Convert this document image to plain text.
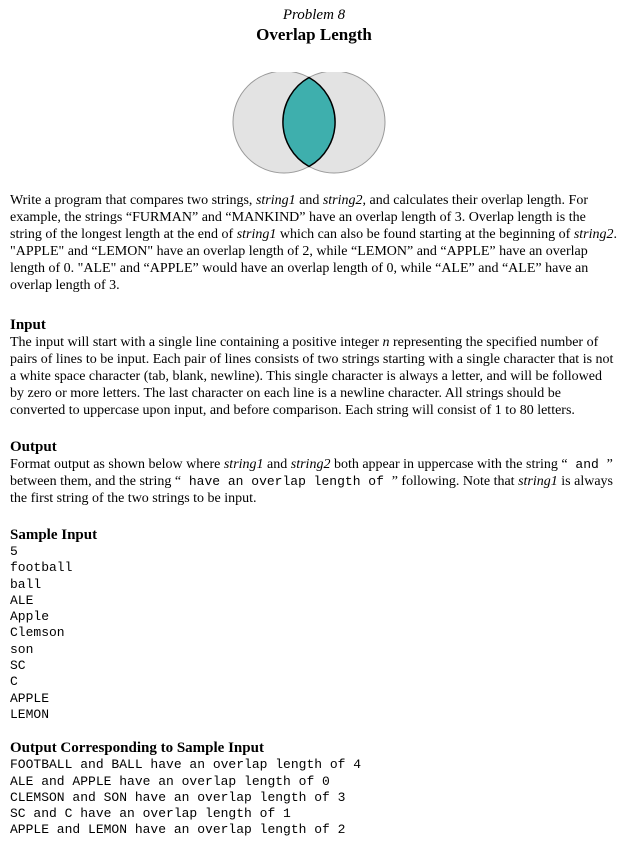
Problem 8
Overlap Length

Write a program that compares two strings, string1 and string2, and calculates their overlap length. For example, the strings “FURMAN” and “MANKIND” have an overlap length of 3. Overlap length is the string of the longest length at the end of string1 which can also be found starting at the beginning of string2. "APPLE" and “LEMON" have an overlap length of 2, while “LEMON” and “APPLE” have an overlap length of 0. "ALE" and “APPLE” would have an overlap length of 0, while “ALE” and “ALE” have an overlap length of 3.

Input

The input will start with a single line containing a positive integer n representing the specified number of pairs of lines to be input. Each pair of lines consists of two strings starting with a single character that is not a white space character (tab, blank, newline). This single character is always a letter, and will be followed by zero or more letters. The last character on each line is a newline character. All strings should be converted to uppercase upon input, and before comparison. Each string will consist of 1 to 80 letters.

Output

Format output as shown below where string1 and string2 both appear in uppercase with the string “ and ” between them, and the string “ have an overlap length of ” following. Note that string1 is always the first string of the two strings to be input.

Sample Input
5
football
ball
ALE
Apple
Clemson
son
SC
C
APPLE
LEMON
Output Corresponding to Sample Input
FOOTBALL and BALL have an overlap length of 4
ALE and APPLE have an overlap length of 0
CLEMSON and SON have an overlap length of 3
SC and C have an overlap length of 1
APPLE and LEMON have an overlap length of 2
